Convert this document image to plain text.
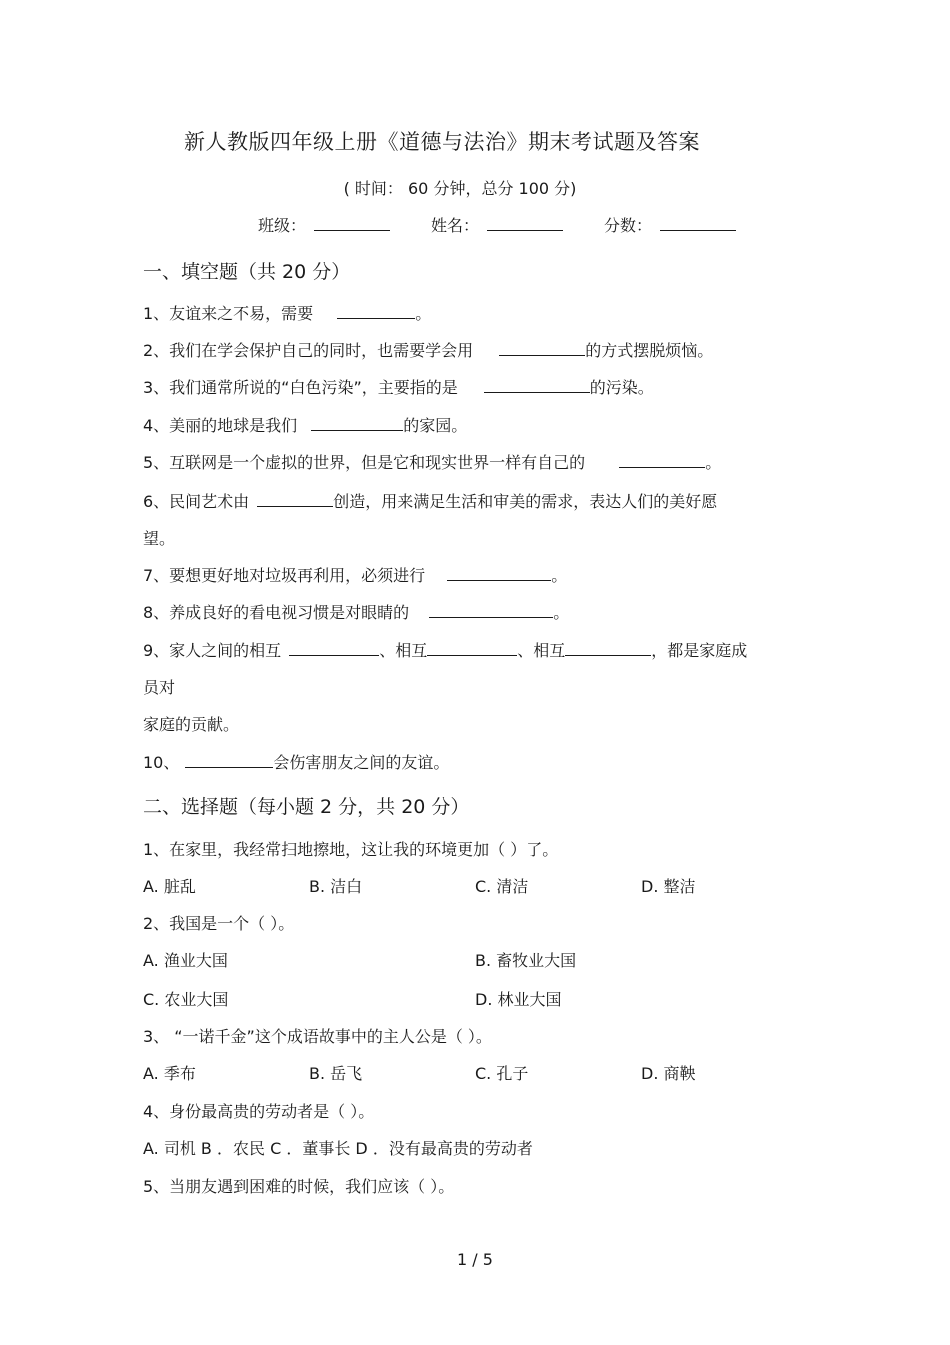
新人教版四年级上册《道德与法治》期末考试题及答案
( 时间： 60 分钟，总分 100 分)
班级：	姓名：	分数：
一、填空题（共 20 分）
1、友谊来之不易，需要	。
2、我们在学会保护自己的同时，也需要学会用	的方式摆脱烦恼。
3、我们通常所说的“白色污染”，主要指的是	的污染。
4、美丽的地球是我们	的家园。
5、互联网是一个虚拟的世界，但是它和现实世界一样有自己的	。
6、民间艺术由	创造，用来满足生活和审美的需求，表达人们的美好愿
望。
7、要想更好地对垃圾再利用，必须进行	。
8、养成良好的看电视习惯是对眼睛的	。
9、家人之间的相互	、相互	、相互	，都是家庭成
员对
家庭的贡献。
10、	会伤害朋友之间的友谊。
二、选择题（每小题 2 分，共 20 分）
1、在家里，我经常扫地擦地，这让我的环境更加（ ）了。
A. 脏乱	B. 洁白	C. 清洁	D. 整洁
2、我国是一个（ ）。
A. 渔业大国	B. 畜牧业大国
C. 农业大国	D. 林业大国
3、 “一诺千金”这个成语故事中的主人公是（ ）。
A. 季布	B. 岳飞	C. 孔子	D. 商鞅
4、身份最高贵的劳动者是（ ）。
A. 司机 B ．农民 C ．董事长 D ．没有最高贵的劳动者
5、当朋友遇到困难的时候，我们应该（ ）。
1 / 5
